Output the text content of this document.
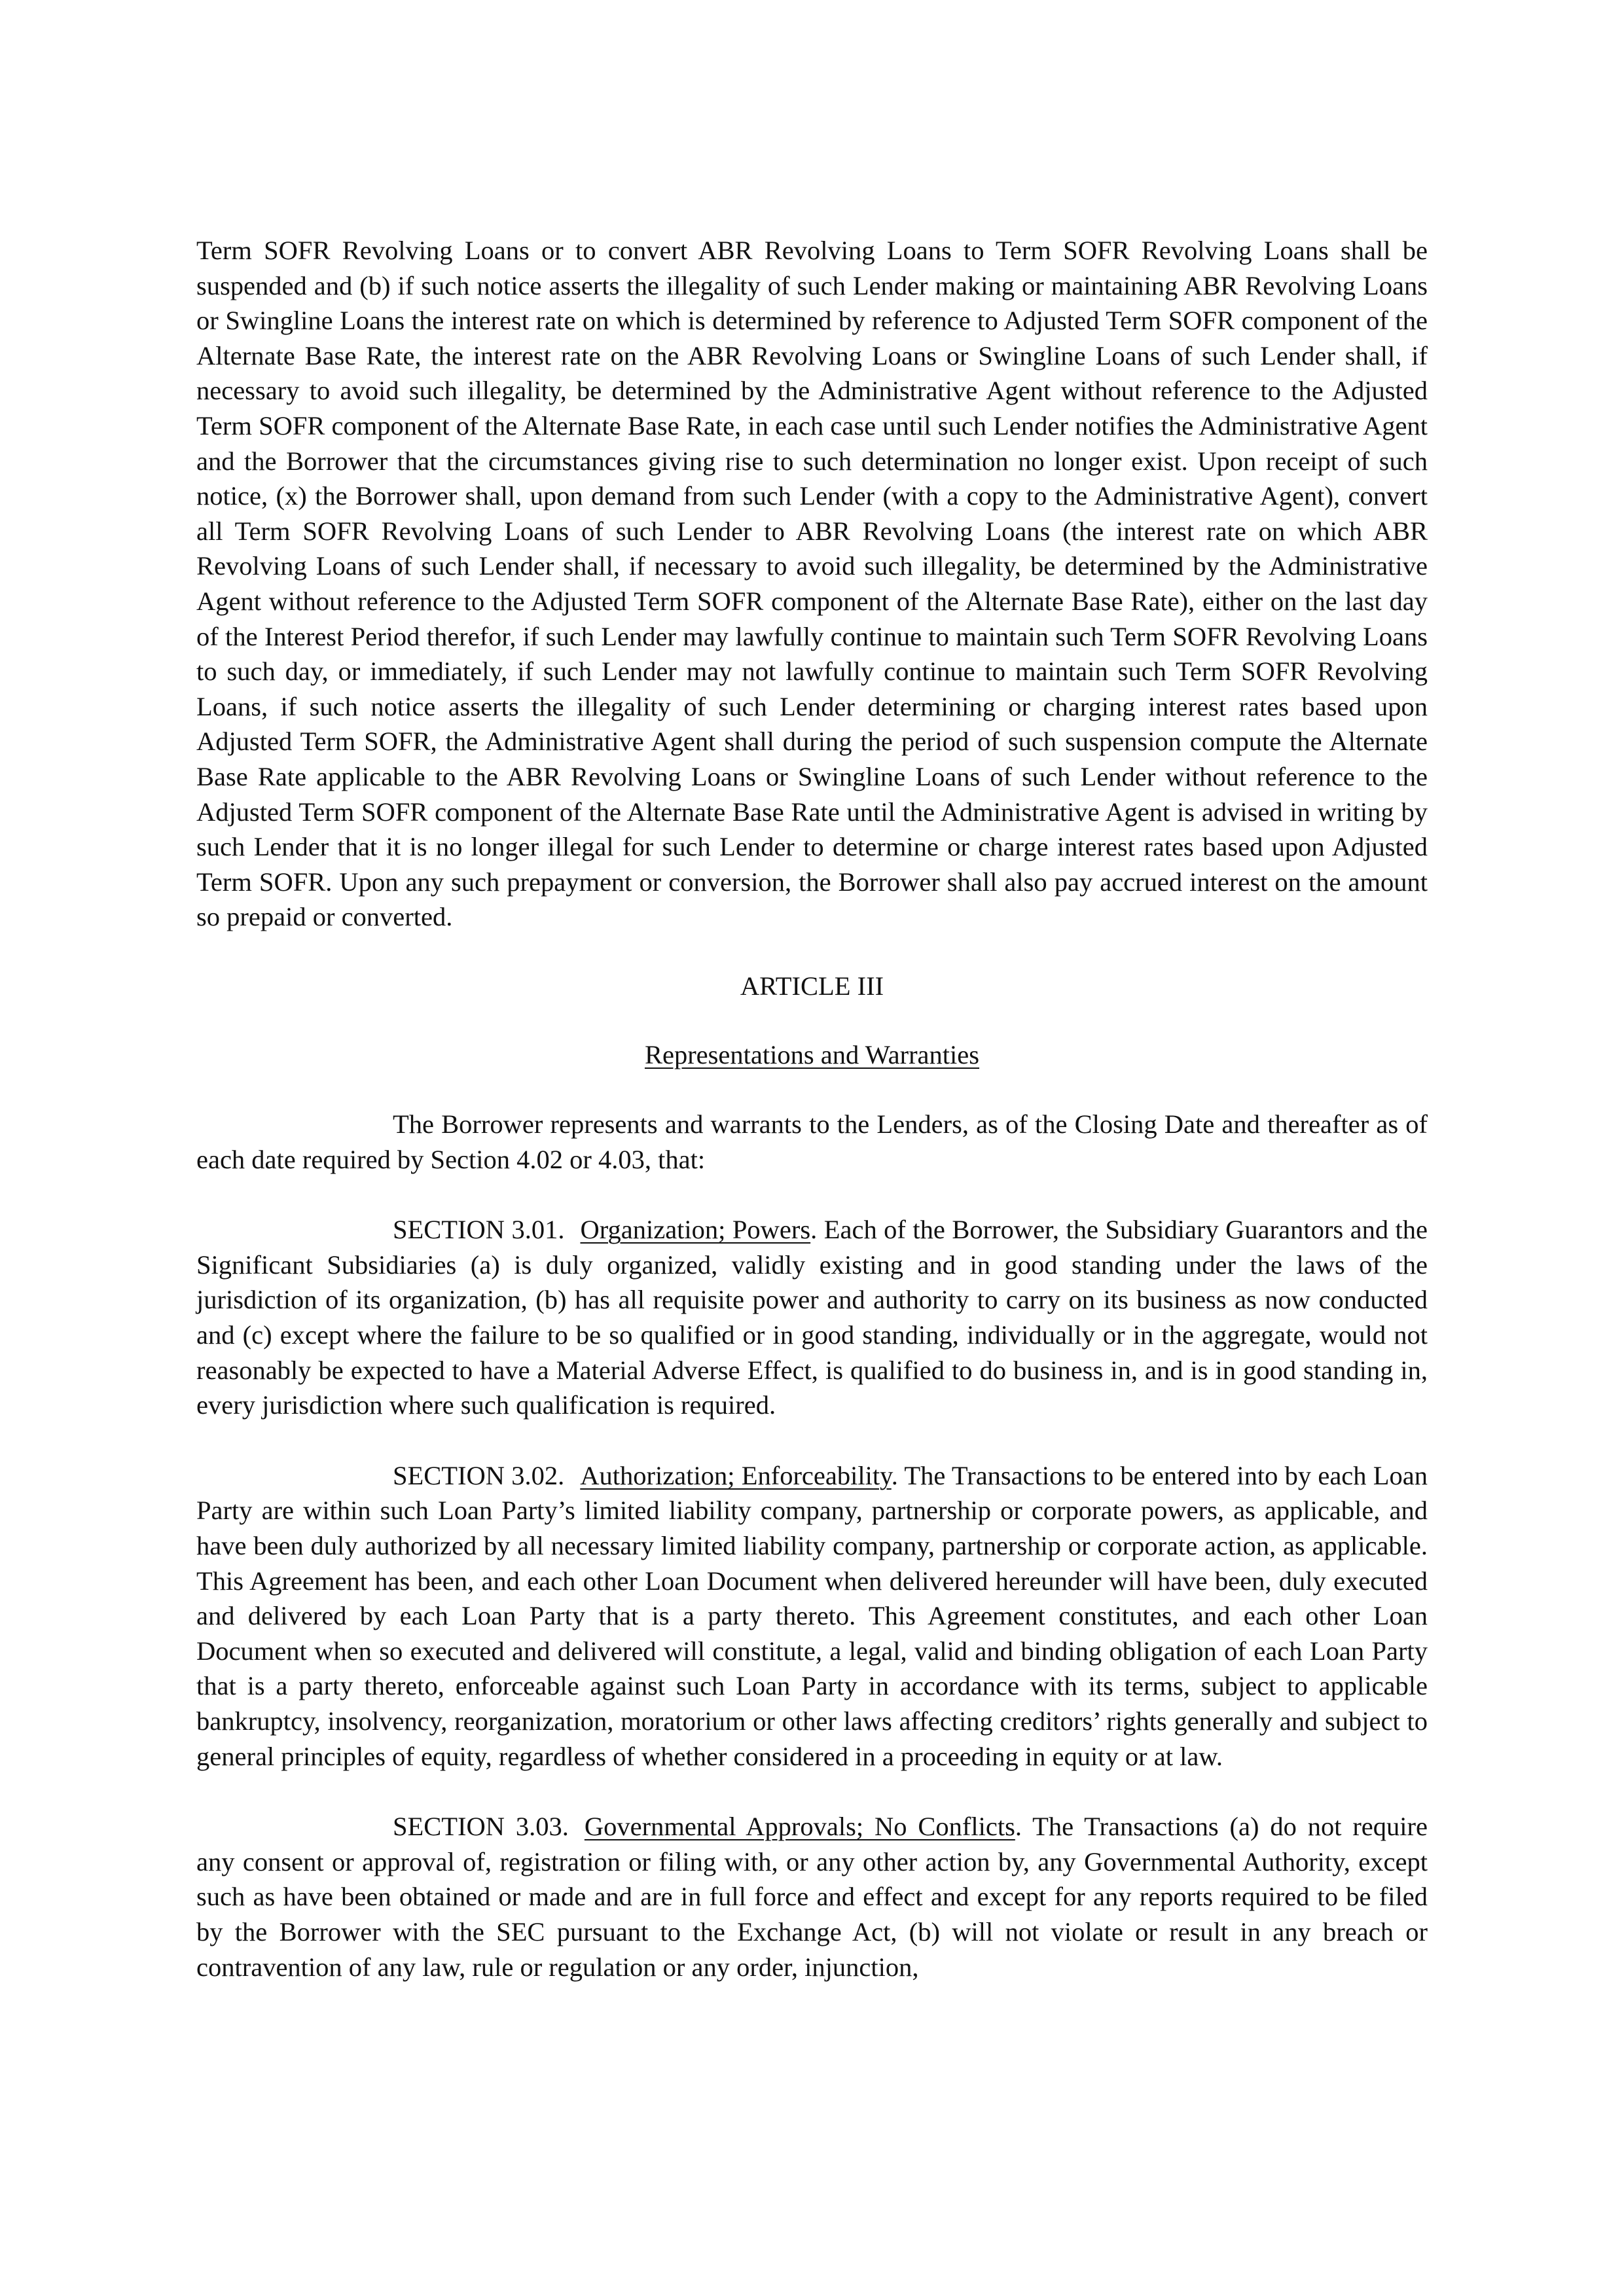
Term SOFR Revolving Loans or to convert ABR Revolving Loans to Term SOFR Revolving Loans shall be suspended and (b) if such notice asserts the illegality of such Lender making or maintaining ABR Revolving Loans or Swingline Loans the interest rate on which is determined by reference to Adjusted Term SOFR component of the Alternate Base Rate, the interest rate on the ABR Revolving Loans or Swingline Loans of such Lender shall, if necessary to avoid such illegality, be determined by the Administrative Agent without reference to the Adjusted Term SOFR component of the Alternate Base Rate, in each case until such Lender notifies the Administrative Agent and the Borrower that the circumstances giving rise to such determination no longer exist. Upon receipt of such notice, (x) the Borrower shall, upon demand from such Lender (with a copy to the Administrative Agent), convert all Term SOFR Revolving Loans of such Lender to ABR Revolving Loans (the interest rate on which ABR Revolving Loans of such Lender shall, if necessary to avoid such illegality, be determined by the Administrative Agent without reference to the Adjusted Term SOFR component of the Alternate Base Rate), either on the last day of the Interest Period therefor, if such Lender may lawfully continue to maintain such Term SOFR Revolving Loans to such day, or immediately, if such Lender may not lawfully continue to maintain such Term SOFR Revolving Loans, if such notice asserts the illegality of such Lender determining or charging interest rates based upon Adjusted Term SOFR, the Administrative Agent shall during the period of such suspension compute the Alternate Base Rate applicable to the ABR Revolving Loans or Swingline Loans of such Lender without reference to the Adjusted Term SOFR component of the Alternate Base Rate until the Administrative Agent is advised in writing by such Lender that it is no longer illegal for such Lender to determine or charge interest rates based upon Adjusted Term SOFR. Upon any such prepayment or conversion, the Borrower shall also pay accrued interest on the amount so prepaid or converted.

ARTICLE III

Representations and Warranties

The Borrower represents and warrants to the Lenders, as of the Closing Date and thereafter as of each date required by Section 4.02 or 4.03, that:

SECTION 3.01. Organization; Powers. Each of the Borrower, the Subsidiary Guarantors and the Significant Subsidiaries (a) is duly organized, validly existing and in good standing under the laws of the jurisdiction of its organization, (b) has all requisite power and authority to carry on its business as now conducted and (c) except where the failure to be so qualified or in good standing, individually or in the aggregate, would not reasonably be expected to have a Material Adverse Effect, is qualified to do business in, and is in good standing in, every jurisdiction where such qualification is required.

SECTION 3.02. Authorization; Enforceability. The Transactions to be entered into by each Loan Party are within such Loan Party’s limited liability company, partnership or corporate powers, as applicable, and have been duly authorized by all necessary limited liability company, partnership or corporate action, as applicable. This Agreement has been, and each other Loan Document when delivered hereunder will have been, duly executed and delivered by each Loan Party that is a party thereto. This Agreement constitutes, and each other Loan Document when so executed and delivered will constitute, a legal, valid and binding obligation of each Loan Party that is a party thereto, enforceable against such Loan Party in accordance with its terms, subject to applicable bankruptcy, insolvency, reorganization, moratorium or other laws affecting creditors’ rights generally and subject to general principles of equity, regardless of whether considered in a proceeding in equity or at law.

SECTION 3.03. Governmental Approvals; No Conflicts. The Transactions (a) do not require any consent or approval of, registration or filing with, or any other action by, any Governmental Authority, except such as have been obtained or made and are in full force and effect and except for any reports required to be filed by the Borrower with the SEC pursuant to the Exchange Act, (b) will not violate or result in any breach or contravention of any law, rule or regulation or any order, injunction,
